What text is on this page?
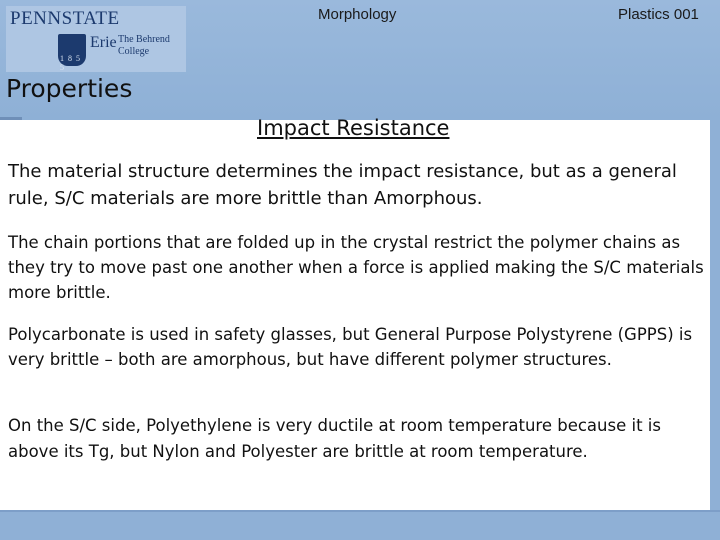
PENNSTATE
1 8 5 5
Erie The Behrend College
Morphology	Plastics 001
Properties
Impact Resistance

The material structure determines the impact resistance, but as a general rule, S/C materials are more brittle than Amorphous.

The chain portions that are folded up in the crystal restrict the polymer chains as they try to move past one another when a force is applied making the S/C materials more brittle.

Polycarbonate is used in safety glasses, but General Purpose Polystyrene (GPPS) is very brittle – both are amorphous, but have different polymer structures.

On the S/C side, Polyethylene is very ductile at room temperature because it is above its Tg, but Nylon and Polyester are brittle at room temperature.
